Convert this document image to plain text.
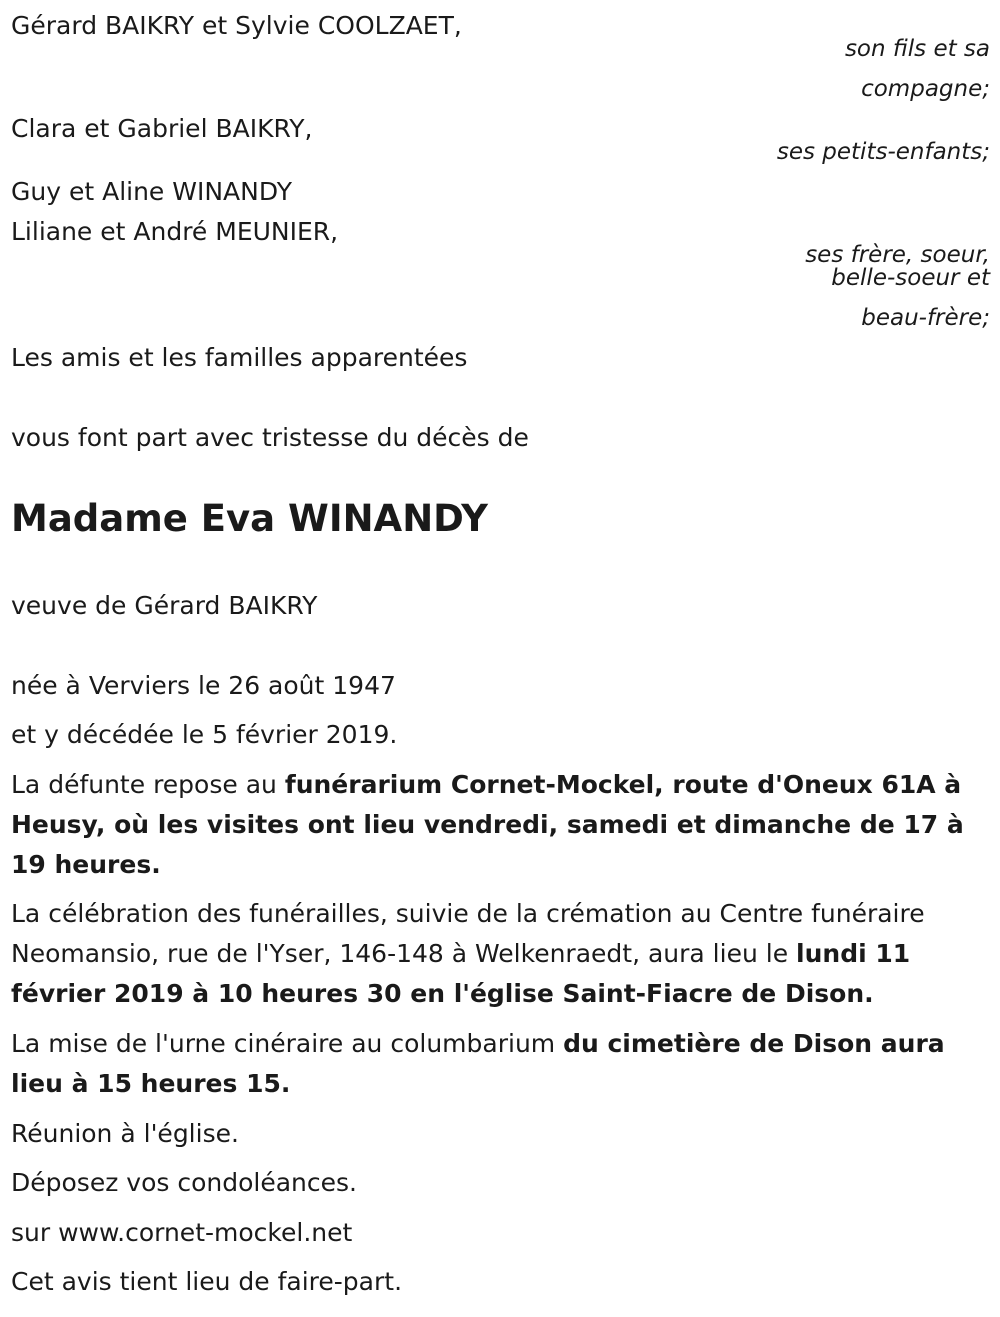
Gérard BAIKRY et Sylvie COOLZAET,
son fils et sa
compagne;
Clara et Gabriel BAIKRY,
ses petits-enfants;
Guy et Aline WINANDY
Liliane et André MEUNIER,
ses frère, soeur,
belle-soeur et
beau-frère;
Les amis et les familles apparentées
vous font part avec tristesse du décès de
Madame Eva WINANDY
veuve de Gérard BAIKRY
née à Verviers le 26 août 1947
et y décédée le 5 février 2019.
La défunte repose au funérarium Cornet-Mockel, route d'Oneux 61A à Heusy, où les visites ont lieu vendredi, samedi et dimanche de 17 à 19 heures.
La célébration des funérailles, suivie de la crémation au Centre funéraire Neomansio, rue de l'Yser, 146-148 à Welkenraedt, aura lieu le lundi 11 février 2019 à 10 heures 30 en l'église Saint-Fiacre de Dison.
La mise de l'urne cinéraire au columbarium du cimetière de Dison aura lieu à 15 heures 15.
Réunion à l'église.
Déposez vos condoléances.
sur www.cornet-mockel.net
Cet avis tient lieu de faire-part.
